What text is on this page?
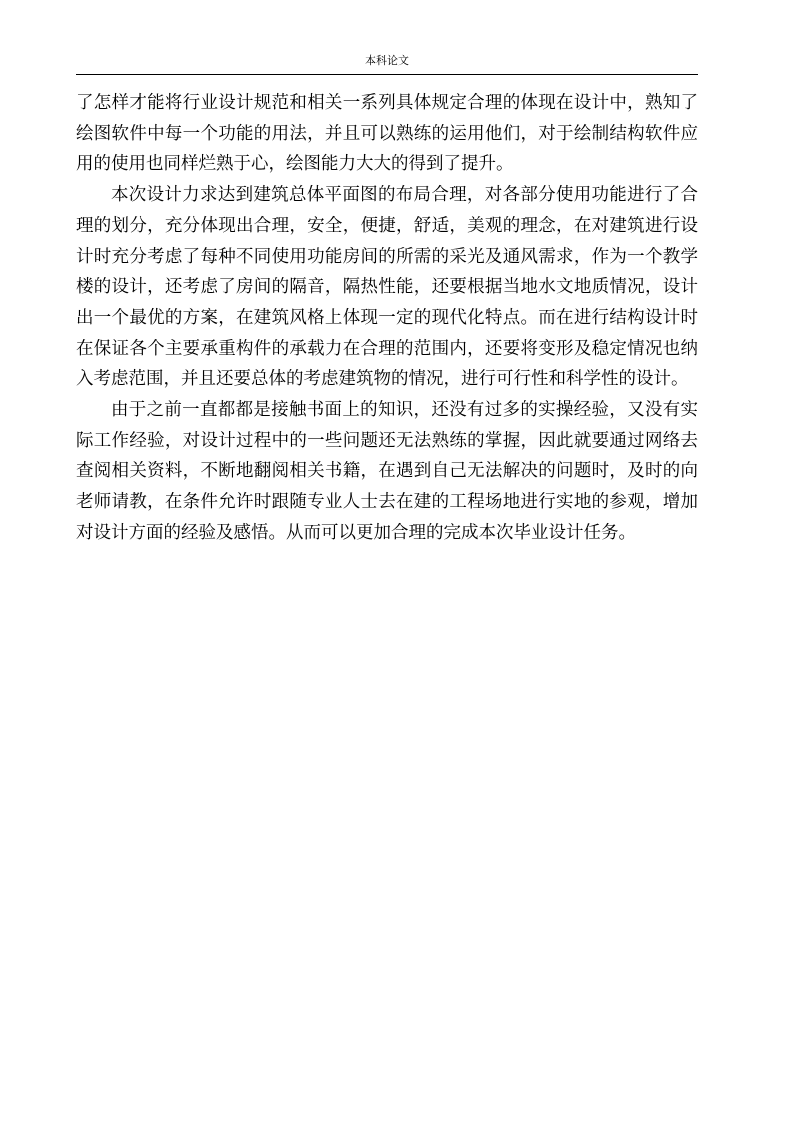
本科论文

了怎样才能将行业设计规范和相关一系列具体规定合理的体现在设计中，熟知了绘图软件中每一个功能的用法，并且可以熟练的运用他们，对于绘制结构软件应用的使用也同样烂熟于心，绘图能力大大的得到了提升。

本次设计力求达到建筑总体平面图的布局合理，对各部分使用功能进行了合理的划分，充分体现出合理，安全，便捷，舒适，美观的理念，在对建筑进行设计时充分考虑了每种不同使用功能房间的所需的采光及通风需求，作为一个教学楼的设计，还考虑了房间的隔音，隔热性能，还要根据当地水文地质情况，设计出一个最优的方案，在建筑风格上体现一定的现代化特点。而在进行结构设计时在保证各个主要承重构件的承载力在合理的范围内，还要将变形及稳定情况也纳入考虑范围，并且还要总体的考虑建筑物的情况，进行可行性和科学性的设计。

由于之前一直都都是接触书面上的知识，还没有过多的实操经验，又没有实际工作经验，对设计过程中的一些问题还无法熟练的掌握，因此就要通过网络去查阅相关资料，不断地翻阅相关书籍，在遇到自己无法解决的问题时，及时的向老师请教，在条件允许时跟随专业人士去在建的工程场地进行实地的参观，增加对设计方面的经验及感悟。从而可以更加合理的完成本次毕业设计任务。
